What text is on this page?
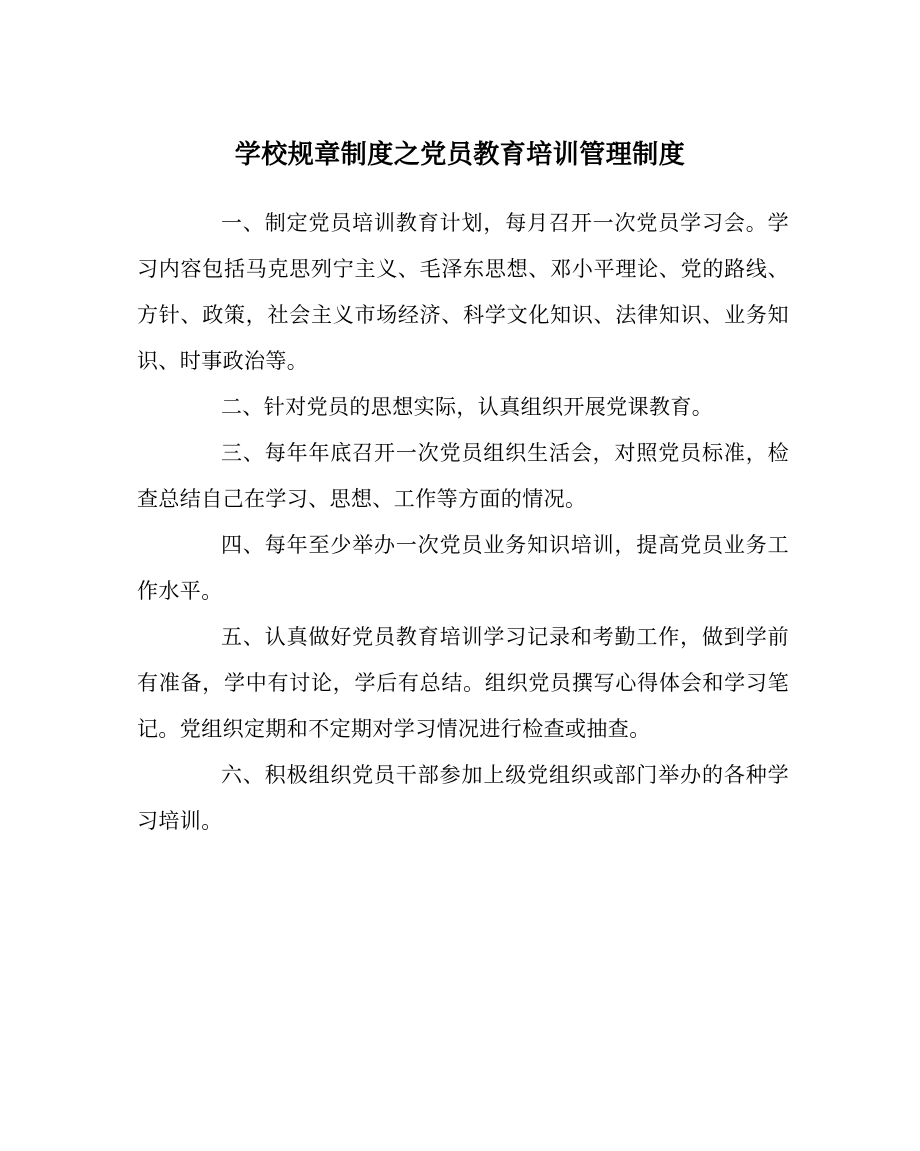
学校规章制度之党员教育培训管理制度

一、制定党员培训教育计划，每月召开一次党员学习会。学习内容包括马克思列宁主义、毛泽东思想、邓小平理论、党的路线、方针、政策，社会主义市场经济、科学文化知识、法律知识、业务知识、时事政治等。

二、针对党员的思想实际，认真组织开展党课教育。

三、每年年底召开一次党员组织生活会，对照党员标准，检查总结自己在学习、思想、工作等方面的情况。

四、每年至少举办一次党员业务知识培训，提高党员业务工作水平。

五、认真做好党员教育培训学习记录和考勤工作，做到学前有准备，学中有讨论，学后有总结。组织党员撰写心得体会和学习笔记。党组织定期和不定期对学习情况进行检查或抽查。

六、积极组织党员干部参加上级党组织或部门举办的各种学习培训。
